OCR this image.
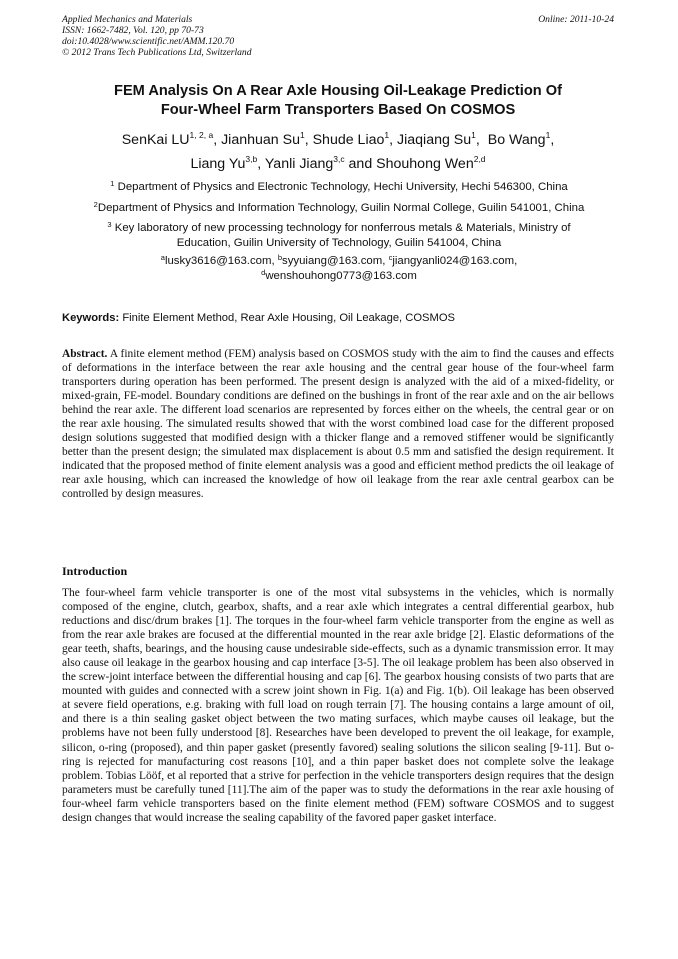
Applied Mechanics and Materials
ISSN: 1662-7482, Vol. 120, pp 70-73
doi:10.4028/www.scientific.net/AMM.120.70
© 2012 Trans Tech Publications Ltd, Switzerland
Online: 2011-10-24
FEM Analysis On A Rear Axle Housing Oil-Leakage Prediction Of
Four-Wheel Farm Transporters Based On COSMOS
SenKai LU$^{1, 2, a}$, Jianhuan Su$^1$, Shude Liao$^1$, Jiaqiang Su$^1$,  Bo Wang$^1$,
Liang Yu$^{3,b}$, Yanli Jiang$^{3,c}$ and Shouhong Wen$^{2,d}$

$^1$ Department of Physics and Electronic Technology, Hechi University, Hechi 546300, China

$^2$Department of Physics and Information Technology, Guilin Normal College, Guilin 541001, China

$^3$ Key laboratory of new processing technology for nonferrous metals & Materials, Ministry of
Education, Guilin University of Technology, Guilin 541004, China

$^a$lusky3616@163.com, $^b$syyuiang@163.com, $^c$jiangyanli024@163.com,
$^d$wenshouhong0773@163.com

Keywords: Finite Element Method, Rear Axle Housing, Oil Leakage, COSMOS
Abstract. A finite element method (FEM) analysis based on COSMOS study with the aim to find the causes and effects of deformations in the interface between the rear axle housing and the central gear house of the four-wheel farm transporters during operation has been performed. The present design is analyzed with the aid of a mixed-fidelity, or mixed-grain, FE-model. Boundary conditions are defined on the bushings in front of the rear axle and on the air bellows behind the rear axle. The different load scenarios are represented by forces either on the wheels, the central gear or on the rear axle housing. The simulated results showed that with the worst combined load case for the different proposed design solutions suggested that modified design with a thicker flange and a removed stiffener would be significantly better than the present design; the simulated max displacement is about 0.5 mm and satisfied the design requirement. It indicated that the proposed method of finite element analysis was a good and efficient method predicts the oil leakage of rear axle housing, which can increased the knowledge of how oil leakage from the rear axle central gearbox can be controlled by design measures.
Introduction
The four-wheel farm vehicle transporter is one of the most vital subsystems in the vehicles, which is normally composed of the engine, clutch, gearbox, shafts, and a rear axle which integrates a central differential gearbox, hub reductions and disc/drum brakes [1]. The torques in the four-wheel farm vehicle transporter from the engine as well as from the rear axle brakes are focused at the differential mounted in the rear axle bridge [2]. Elastic deformations of the gear teeth, shafts, bearings, and the housing cause undesirable side-effects, such as a dynamic transmission error. It may also cause oil leakage in the gearbox housing and cap interface [3-5]. The oil leakage problem has been also observed in the screw-joint interface between the differential housing and cap [6]. The gearbox housing consists of two parts that are mounted with guides and connected with a screw joint shown in Fig. 1(a) and Fig. 1(b). Oil leakage has been observed at severe field operations, e.g. braking with full load on rough terrain [7]. The housing contains a large amount of oil, and there is a thin sealing gasket object between the two mating surfaces, which maybe causes oil leakage, but the problems have not been fully understood [8]. Researches have been developed to prevent the oil leakage, for example, silicon, o-ring (proposed), and thin paper gasket (presently favored) sealing solutions the silicon sealing [9-11]. But o-ring is rejected for manufacturing cost reasons [10], and a thin paper basket does not complete solve the leakage problem. Tobias Lööf, et al reported that a strive for perfection in the vehicle transporters design requires that the design parameters must be carefully tuned [11].The aim of the paper was to study the deformations in the rear axle housing of four-wheel farm vehicle transporters based on the finite element method (FEM) software COSMOS and to suggest design changes that would increase the sealing capability of the favored paper gasket interface.
